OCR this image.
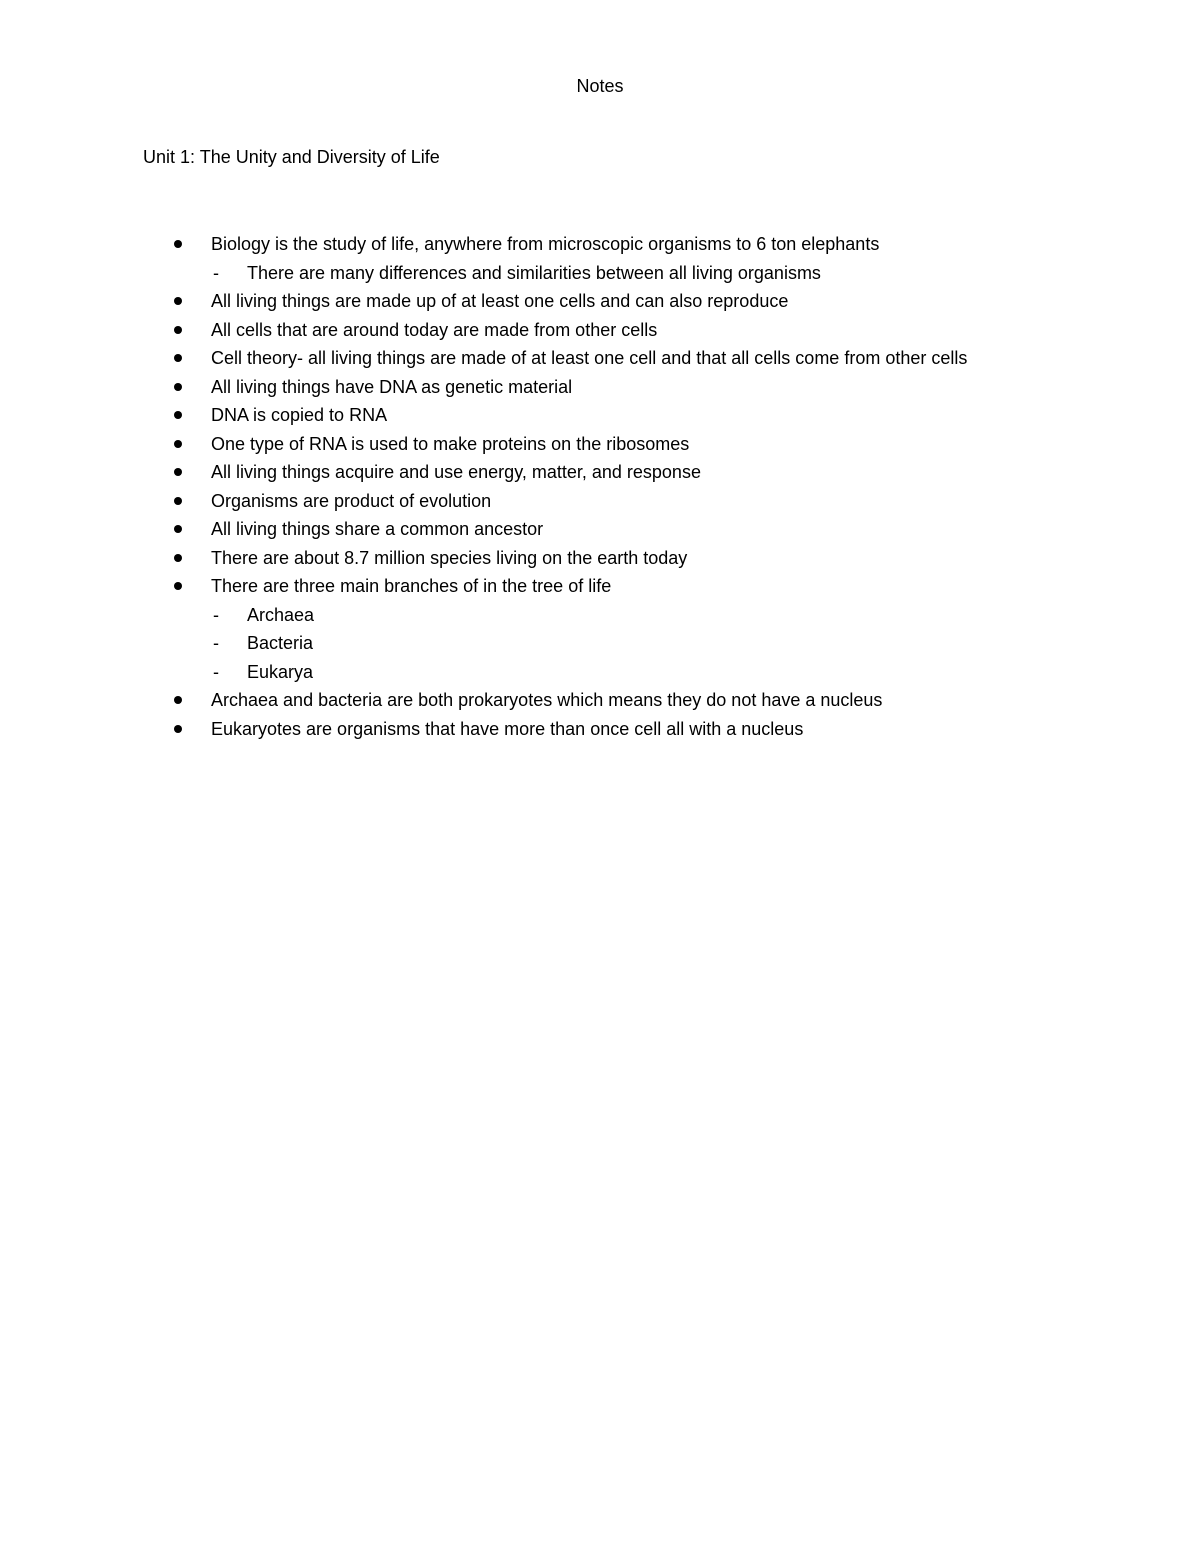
Notes
Unit 1: The Unity and Diversity of Life
Biology is the study of life, anywhere from microscopic organisms to 6 ton elephants
- There are many differences and similarities between all living organisms
All living things are made up of at least one cells and can also reproduce
All cells that are around today are made from other cells
Cell theory- all living things are made of at least one cell and that all cells come from other cells
All living things have DNA as genetic material
DNA is copied to RNA
One type of RNA is used to make proteins on the ribosomes
All living things acquire and use energy, matter, and response
Organisms are product of evolution
All living things share a common ancestor
There are about 8.7 million species living on the earth today
There are three main branches of in the tree of life
- Archaea
- Bacteria
- Eukarya
Archaea and bacteria are both prokaryotes which means they do not have a nucleus
Eukaryotes are organisms that have more than once cell all with a nucleus
